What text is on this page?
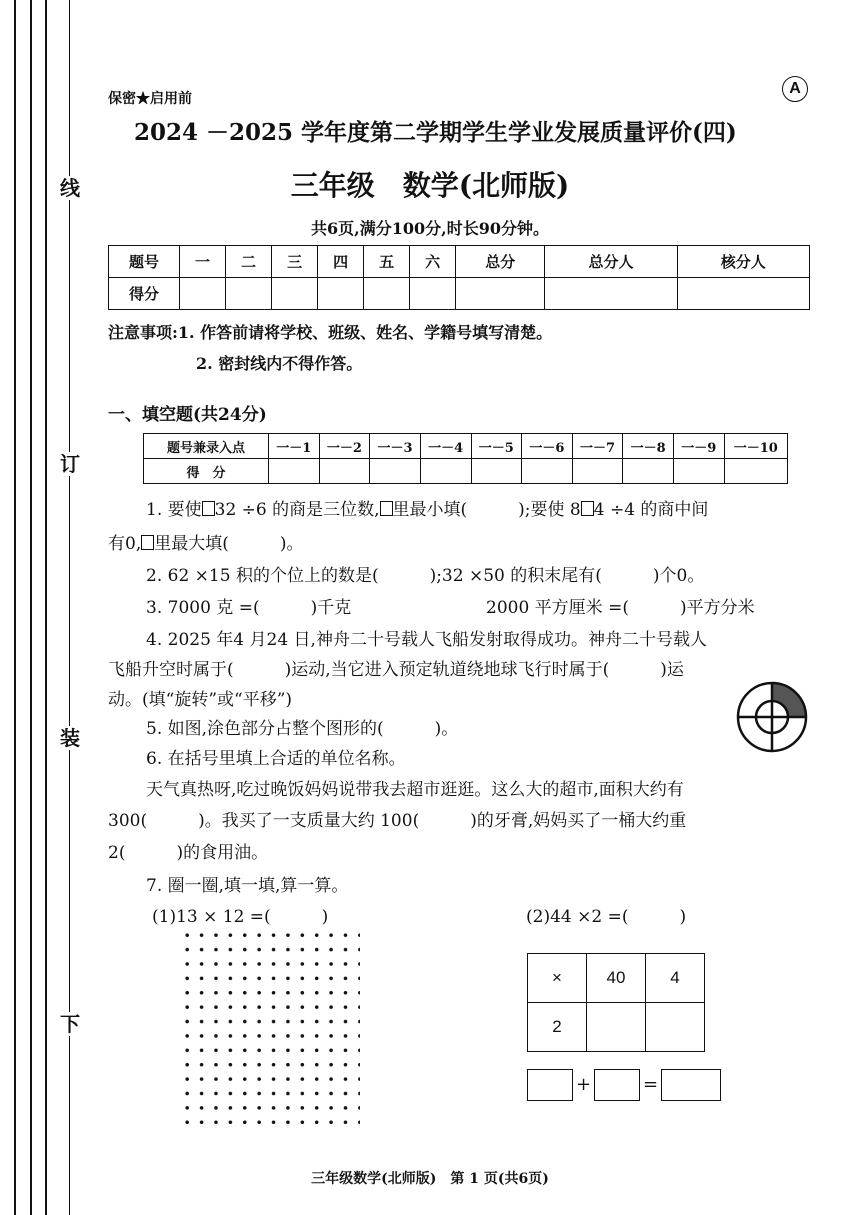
线
订
装
下
保密★启用前
A
2024 －2025 学年度第二学期学生学业发展质量评价(四)
三年级　数学(北师版)
共6页,满分100分,时长90分钟。
题号	一	二	三	四	五	六	总分	总分人	核分人
得分									
注意事项:1. 作答前请将学校、班级、姓名、学籍号填写清楚。
2. 密封线内不得作答。
一、填空题(共24分)
题号兼录入点	一－1	一－2	一－3	一－4	一－5	一－6	一－7	一－8	一－9	一－10
得　分										
1. 要使 32 ÷6 的商是三位数, 里最小填(　　　);要使 8 4 ÷4 的商中间
有0, 里最大填(　　　)。
2. 62 ×15 积的个位上的数是(　　　);32 ×50 的积末尾有(　　　)个0。
3. 7000 克 =(　　　)千克	2000 平方厘米 =(　　　)平方分米
4. 2025 年4 月24 日,神舟二十号载人飞船发射取得成功。神舟二十号载人
飞船升空时属于(　　　)运动,当它进入预定轨道绕地球飞行时属于(　　　)运
动。(填“旋转”或“平移”)
5. 如图,涂色部分占整个图形的(　　　)。
6. 在括号里填上合适的单位名称。
天气真热呀,吃过晚饭妈妈说带我去超市逛逛。这么大的超市,面积大约有
300(　　　)。我买了一支质量大约 100(　　　)的牙膏,妈妈买了一桶大约重
2(　　　)的食用油。
7. 圈一圈,填一填,算一算。
(1)13 × 12 =(　　　)	(2)44 ×2 =(　　　)
×	40	4
2		
+	=
三年级数学(北师版)　第 1 页(共6页)
